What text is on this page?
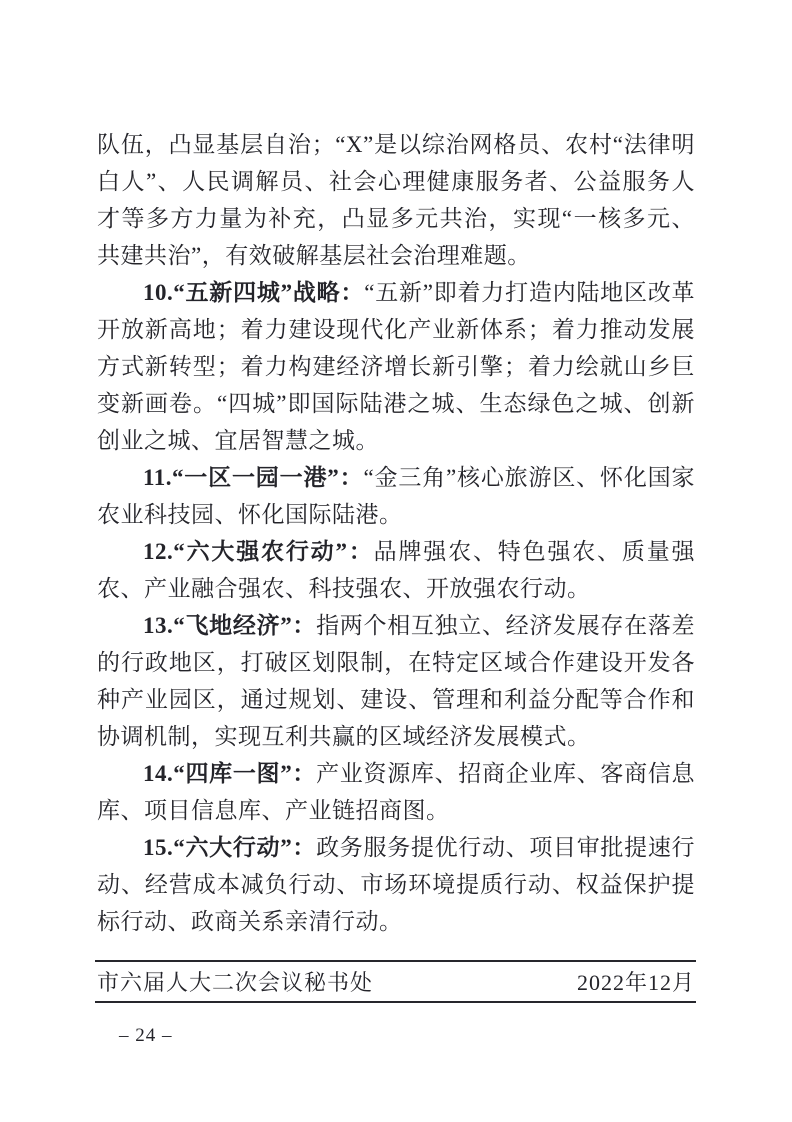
队伍，凸显基层自治；“X”是以综治网格员、农村“法律明白人”、人民调解员、社会心理健康服务者、公益服务人才等多方力量为补充，凸显多元共治，实现“一核多元、共建共治”，有效破解基层社会治理难题。

10.“五新四城”战略：“五新”即着力打造内陆地区改革开放新高地；着力建设现代化产业新体系；着力推动发展方式新转型；着力构建经济增长新引擎；着力绘就山乡巨变新画卷。“四城”即国际陆港之城、生态绿色之城、创新创业之城、宜居智慧之城。

11.“一区一园一港”：“金三角”核心旅游区、怀化国家农业科技园、怀化国际陆港。

12.“六大强农行动”：品牌强农、特色强农、质量强农、产业融合强农、科技强农、开放强农行动。

13.“飞地经济”：指两个相互独立、经济发展存在落差的行政地区，打破区划限制，在特定区域合作建设开发各种产业园区，通过规划、建设、管理和利益分配等合作和协调机制，实现互利共赢的区域经济发展模式。

14.“四库一图”：产业资源库、招商企业库、客商信息库、项目信息库、产业链招商图。

15.“六大行动”：政务服务提优行动、项目审批提速行动、经营成本减负行动、市场环境提质行动、权益保护提标行动、政商关系亲清行动。

市六届人大二次会议秘书处	2022年12月
– 24 –
